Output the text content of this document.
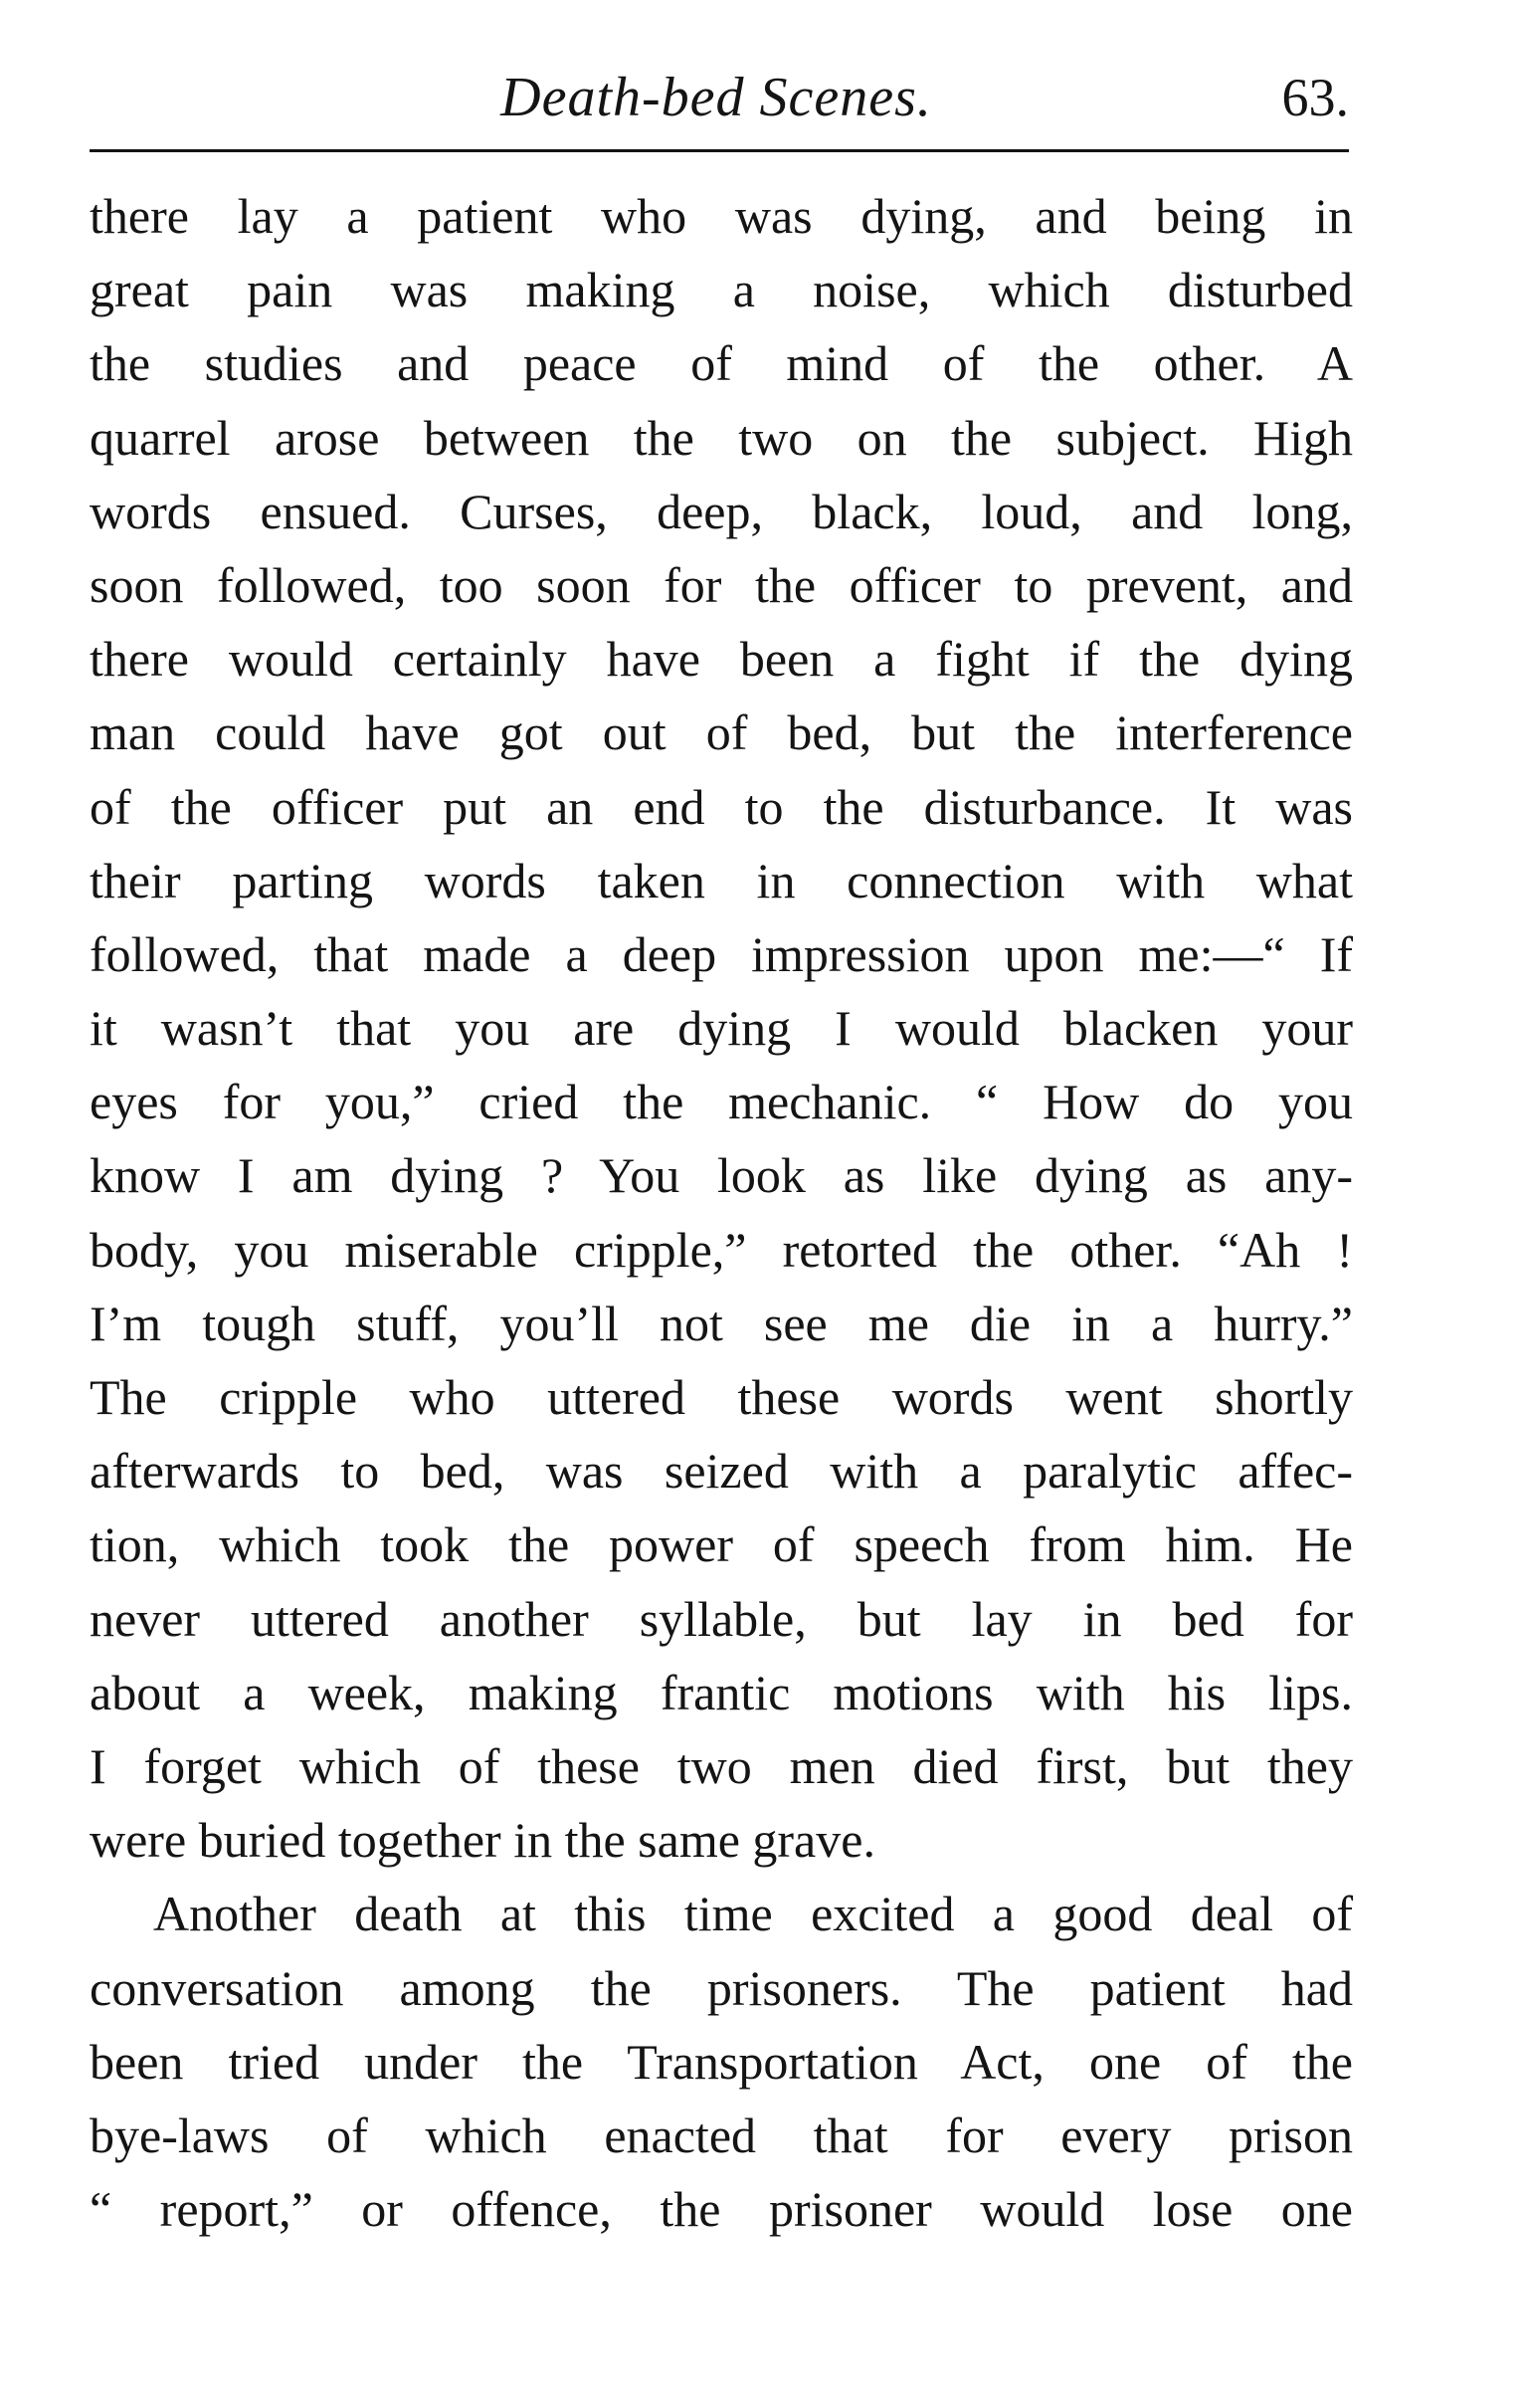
Death-bed Scenes.	63.
there lay a patient who was dying, and being in
great pain was making a noise, which disturbed
the studies and peace of mind of the other. A
quarrel arose between the two on the subject. High
words ensued. Curses, deep, black, loud, and long,
soon followed, too soon for the officer to prevent, and
there would certainly have been a fight if the dying
man could have got out of bed, but the interference
of the officer put an end to the disturbance. It was
their parting words taken in connection with what
followed, that made a deep impression upon me:—“ If
it wasn’t that you are dying I would blacken your
eyes for you,” cried the mechanic. “ How do you
know I am dying ? You look as like dying as any-
body, you miserable cripple,” retorted the other. “Ah !
I’m tough stuff, you’ll not see me die in a hurry.”
The cripple who uttered these words went shortly
afterwards to bed, was seized with a paralytic affec-
tion, which took the power of speech from him. He
never uttered another syllable, but lay in bed for
about a week, making frantic motions with his lips.
I forget which of these two men died first, but they
were buried together in the same grave.
Another death at this time excited a good deal of
conversation among the prisoners. The patient had
been tried under the Transportation Act, one of the
bye-laws of which enacted that for every prison
“ report,” or offence, the prisoner would lose one
